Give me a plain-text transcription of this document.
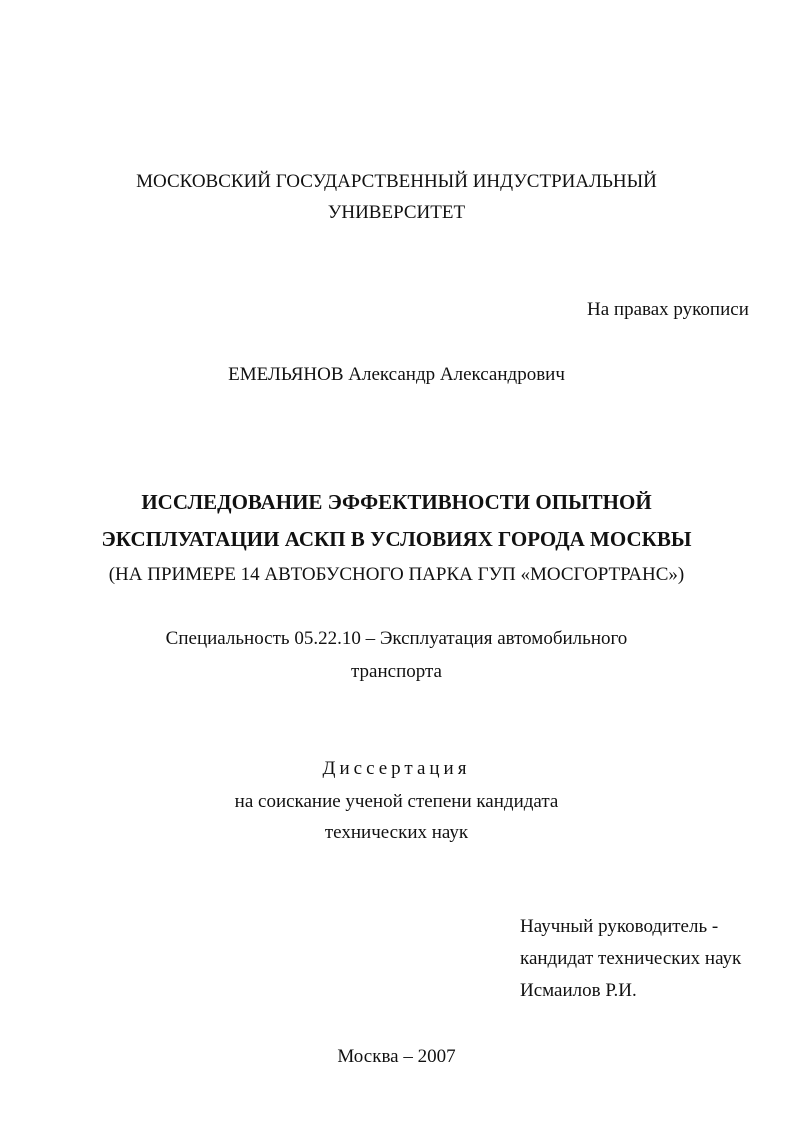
МОСКОВСКИЙ ГОСУДАРСТВЕННЫЙ ИНДУСТРИАЛЬНЫЙ
УНИВЕРСИТЕТ
На правах рукописи
ЕМЕЛЬЯНОВ Александр Александрович
ИССЛЕДОВАНИЕ ЭФФЕКТИВНОСТИ ОПЫТНОЙ
ЭКСПЛУАТАЦИИ АСКП В УСЛОВИЯХ ГОРОДА МОСКВЫ
(НА ПРИМЕРЕ 14 АВТОБУСНОГО ПАРКА ГУП «МОСГОРТРАНС»)
Специальность 05.22.10 – Эксплуатация автомобильного
транспорта
Диссертация
на соискание ученой степени кандидата
технических наук
Научный руководитель -
кандидат технических наук
Исмаилов Р.И.
Москва – 2007
